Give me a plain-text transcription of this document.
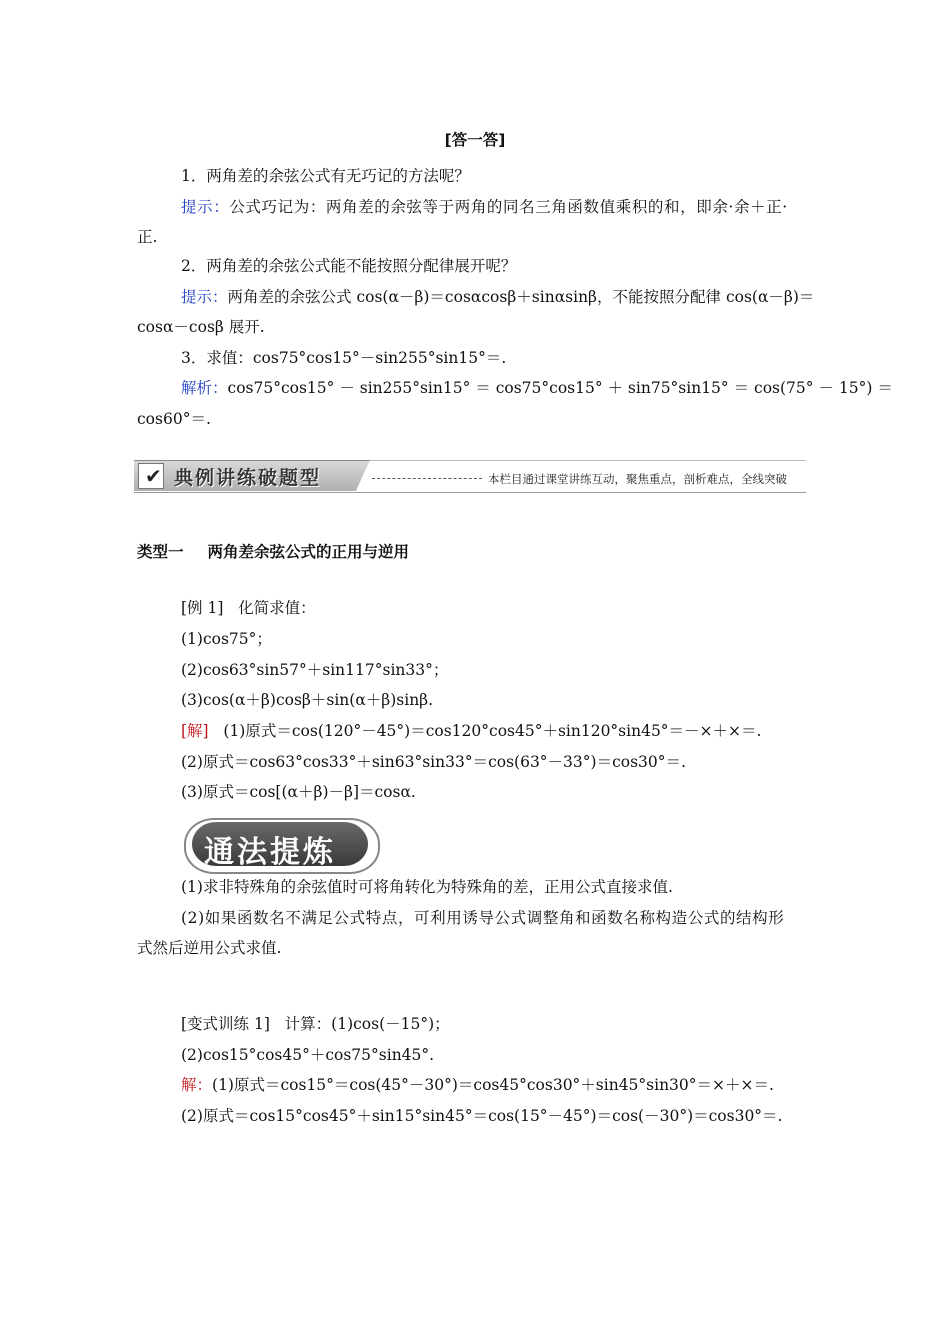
[答一答]
1．两角差的余弦公式有无巧记的方法呢？
提示：公式巧记为：两角差的余弦等于两角的同名三角函数值乘积的和，即余·余＋正·
正.
2．两角差的余弦公式能不能按照分配律展开呢？
提示：两角差的余弦公式 cos(α－β)＝cosαcosβ＋sinαsinβ，不能按照分配律 cos(α－β)＝
cosα－cosβ 展开.
3．求值：cos75°cos15°－sin255°sin15°＝.
解析：cos75°cos15° － sin255°sin15° ＝ cos75°cos15° ＋ sin75°sin15° ＝ cos(75° － 15°) ＝
cos60°＝.
✔ 典例讲练破题型	本栏目通过课堂讲练互动，聚焦重点，剖析难点，全线突破
类型一 两角差余弦公式的正用与逆用
[例 1] 化简求值：
(1)cos75°；
(2)cos63°sin57°＋sin117°sin33°；
(3)cos(α＋β)cosβ＋sin(α＋β)sinβ.
[解] (1)原式＝cos(120°－45°)＝cos120°cos45°＋sin120°sin45°＝－×＋×＝.
(2)原式＝cos63°cos33°＋sin63°sin33°＝cos(63°－33°)＝cos30°＝.
(3)原式＝cos[(α＋β)－β]＝cosα.
通法提炼
(1)求非特殊角的余弦值时可将角转化为特殊角的差，正用公式直接求值.
(2)如果函数名不满足公式特点，可利用诱导公式调整角和函数名称构造公式的结构形
式然后逆用公式求值.
[变式训练 1] 计算：(1)cos(－15°)；
(2)cos15°cos45°＋cos75°sin45°.
解：(1)原式＝cos15°＝cos(45°－30°)＝cos45°cos30°＋sin45°sin30°＝×＋×＝.
(2)原式＝cos15°cos45°＋sin15°sin45°＝cos(15°－45°)＝cos(－30°)＝cos30°＝.
